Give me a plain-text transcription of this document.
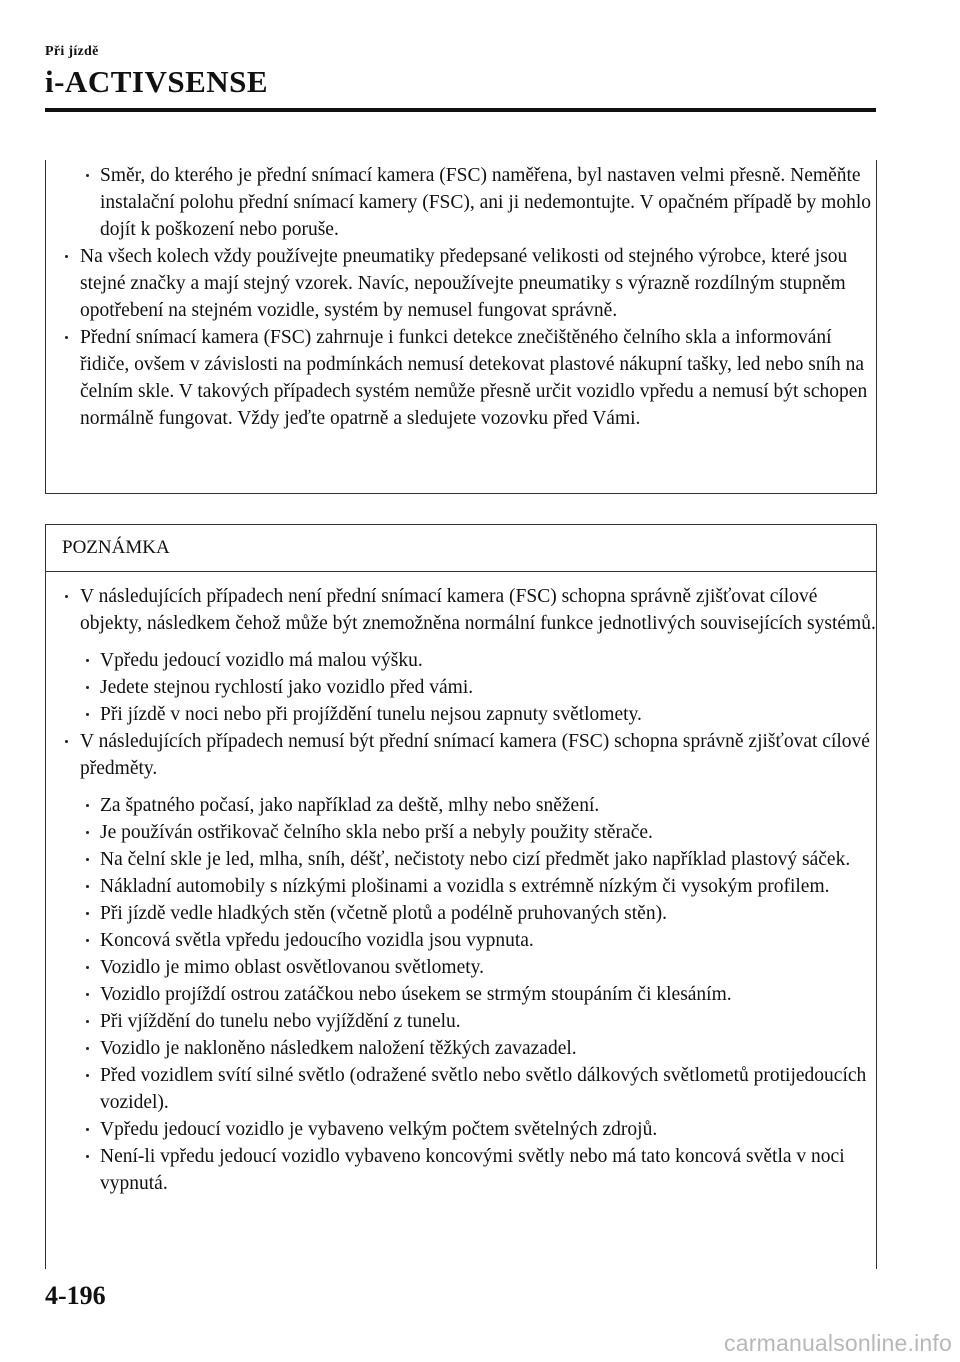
Při jízdě
i-ACTIVSENSE
Směr, do kterého je přední snímací kamera (FSC) naměřena, byl nastaven velmi přesně. Neměňte instalační polohu přední snímací kamery (FSC), ani ji nedemontujte. V opačném případě by mohlo dojít k poškození nebo poruše.
Na všech kolech vždy používejte pneumatiky předepsané velikosti od stejného výrobce, které jsou stejné značky a mají stejný vzorek. Navíc, nepoužívejte pneumatiky s výrazně rozdílným stupněm opotřebení na stejném vozidle, systém by nemusel fungovat správně.
Přední snímací kamera (FSC) zahrnuje i funkci detekce znečištěného čelního skla a informování řidiče, ovšem v závislosti na podmínkách nemusí detekovat plastové nákupní tašky, led nebo sníh na čelním skle. V takových případech systém nemůže přesně určit vozidlo vpředu a nemusí být schopen normálně fungovat. Vždy jeďte opatrně a sledujete vozovku před Vámi.
POZNÁMKA
V následujících případech není přední snímací kamera (FSC) schopna správně zjišťovat cílové objekty, následkem čehož může být znemožněna normální funkce jednotlivých souvisejících systémů.
Vpředu jedoucí vozidlo má malou výšku.
Jedete stejnou rychlostí jako vozidlo před vámi.
Při jízdě v noci nebo při projíždění tunelu nejsou zapnuty světlomety.
V následujících případech nemusí být přední snímací kamera (FSC) schopna správně zjišťovat cílové předměty.
Za špatného počasí, jako například za deště, mlhy nebo sněžení.
Je používán ostřikovač čelního skla nebo prší a nebyly použity stěrače.
Na čelní skle je led, mlha, sníh, déšť, nečistoty nebo cizí předmět jako například plastový sáček.
Nákladní automobily s nízkými plošinami a vozidla s extrémně nízkým či vysokým profilem.
Při jízdě vedle hladkých stěn (včetně plotů a podélně pruhovaných stěn).
Koncová světla vpředu jedoucího vozidla jsou vypnuta.
Vozidlo je mimo oblast osvětlovanou světlomety.
Vozidlo projíždí ostrou zatáčkou nebo úsekem se strmým stoupáním či klesáním.
Při vjíždění do tunelu nebo vyjíždění z tunelu.
Vozidlo je nakloněno následkem naložení těžkých zavazadel.
Před vozidlem svítí silné světlo (odražené světlo nebo světlo dálkových světlometů protijedoucích vozidel).
Vpředu jedoucí vozidlo je vybaveno velkým počtem světelných zdrojů.
Není-li vpředu jedoucí vozidlo vybaveno koncovými světly nebo má tato koncová světla v noci vypnutá.
4-196
carmanualsonline.info
